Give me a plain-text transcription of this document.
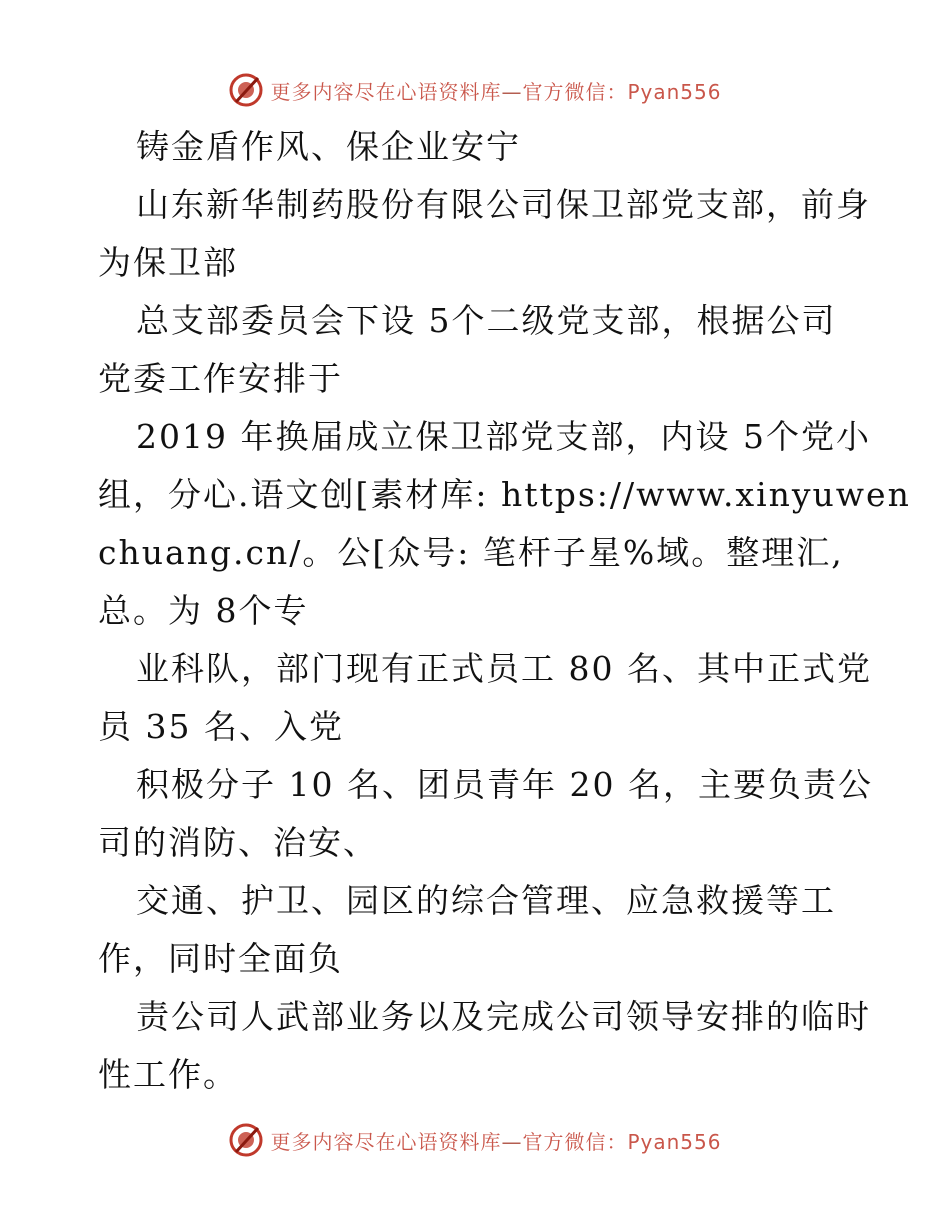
更多内容尽在心语资料库—官方微信：Pyan556
铸金盾作风、保企业安宁
山东新华制药股份有限公司保卫部党支部，前身
为保卫部
总支部委员会下设 5个二级党支部，根据公司
党委工作安排于
2019 年换届成立保卫部党支部，内设 5个党小
组，分心.语文创[素材库: https://www.xinyuwen
chuang.cn/。公[众号: 笔杆子星%域。整理汇,
总。为 8个专
业科队，部门现有正式员工 80 名、其中正式党
员 35 名、入党
积极分子 10 名、团员青年 20 名，主要负责公
司的消防、治安、
交通、护卫、园区的综合管理、应急救援等工
作，同时全面负
责公司人武部业务以及完成公司领导安排的临时
性工作。
更多内容尽在心语资料库—官方微信：Pyan556
